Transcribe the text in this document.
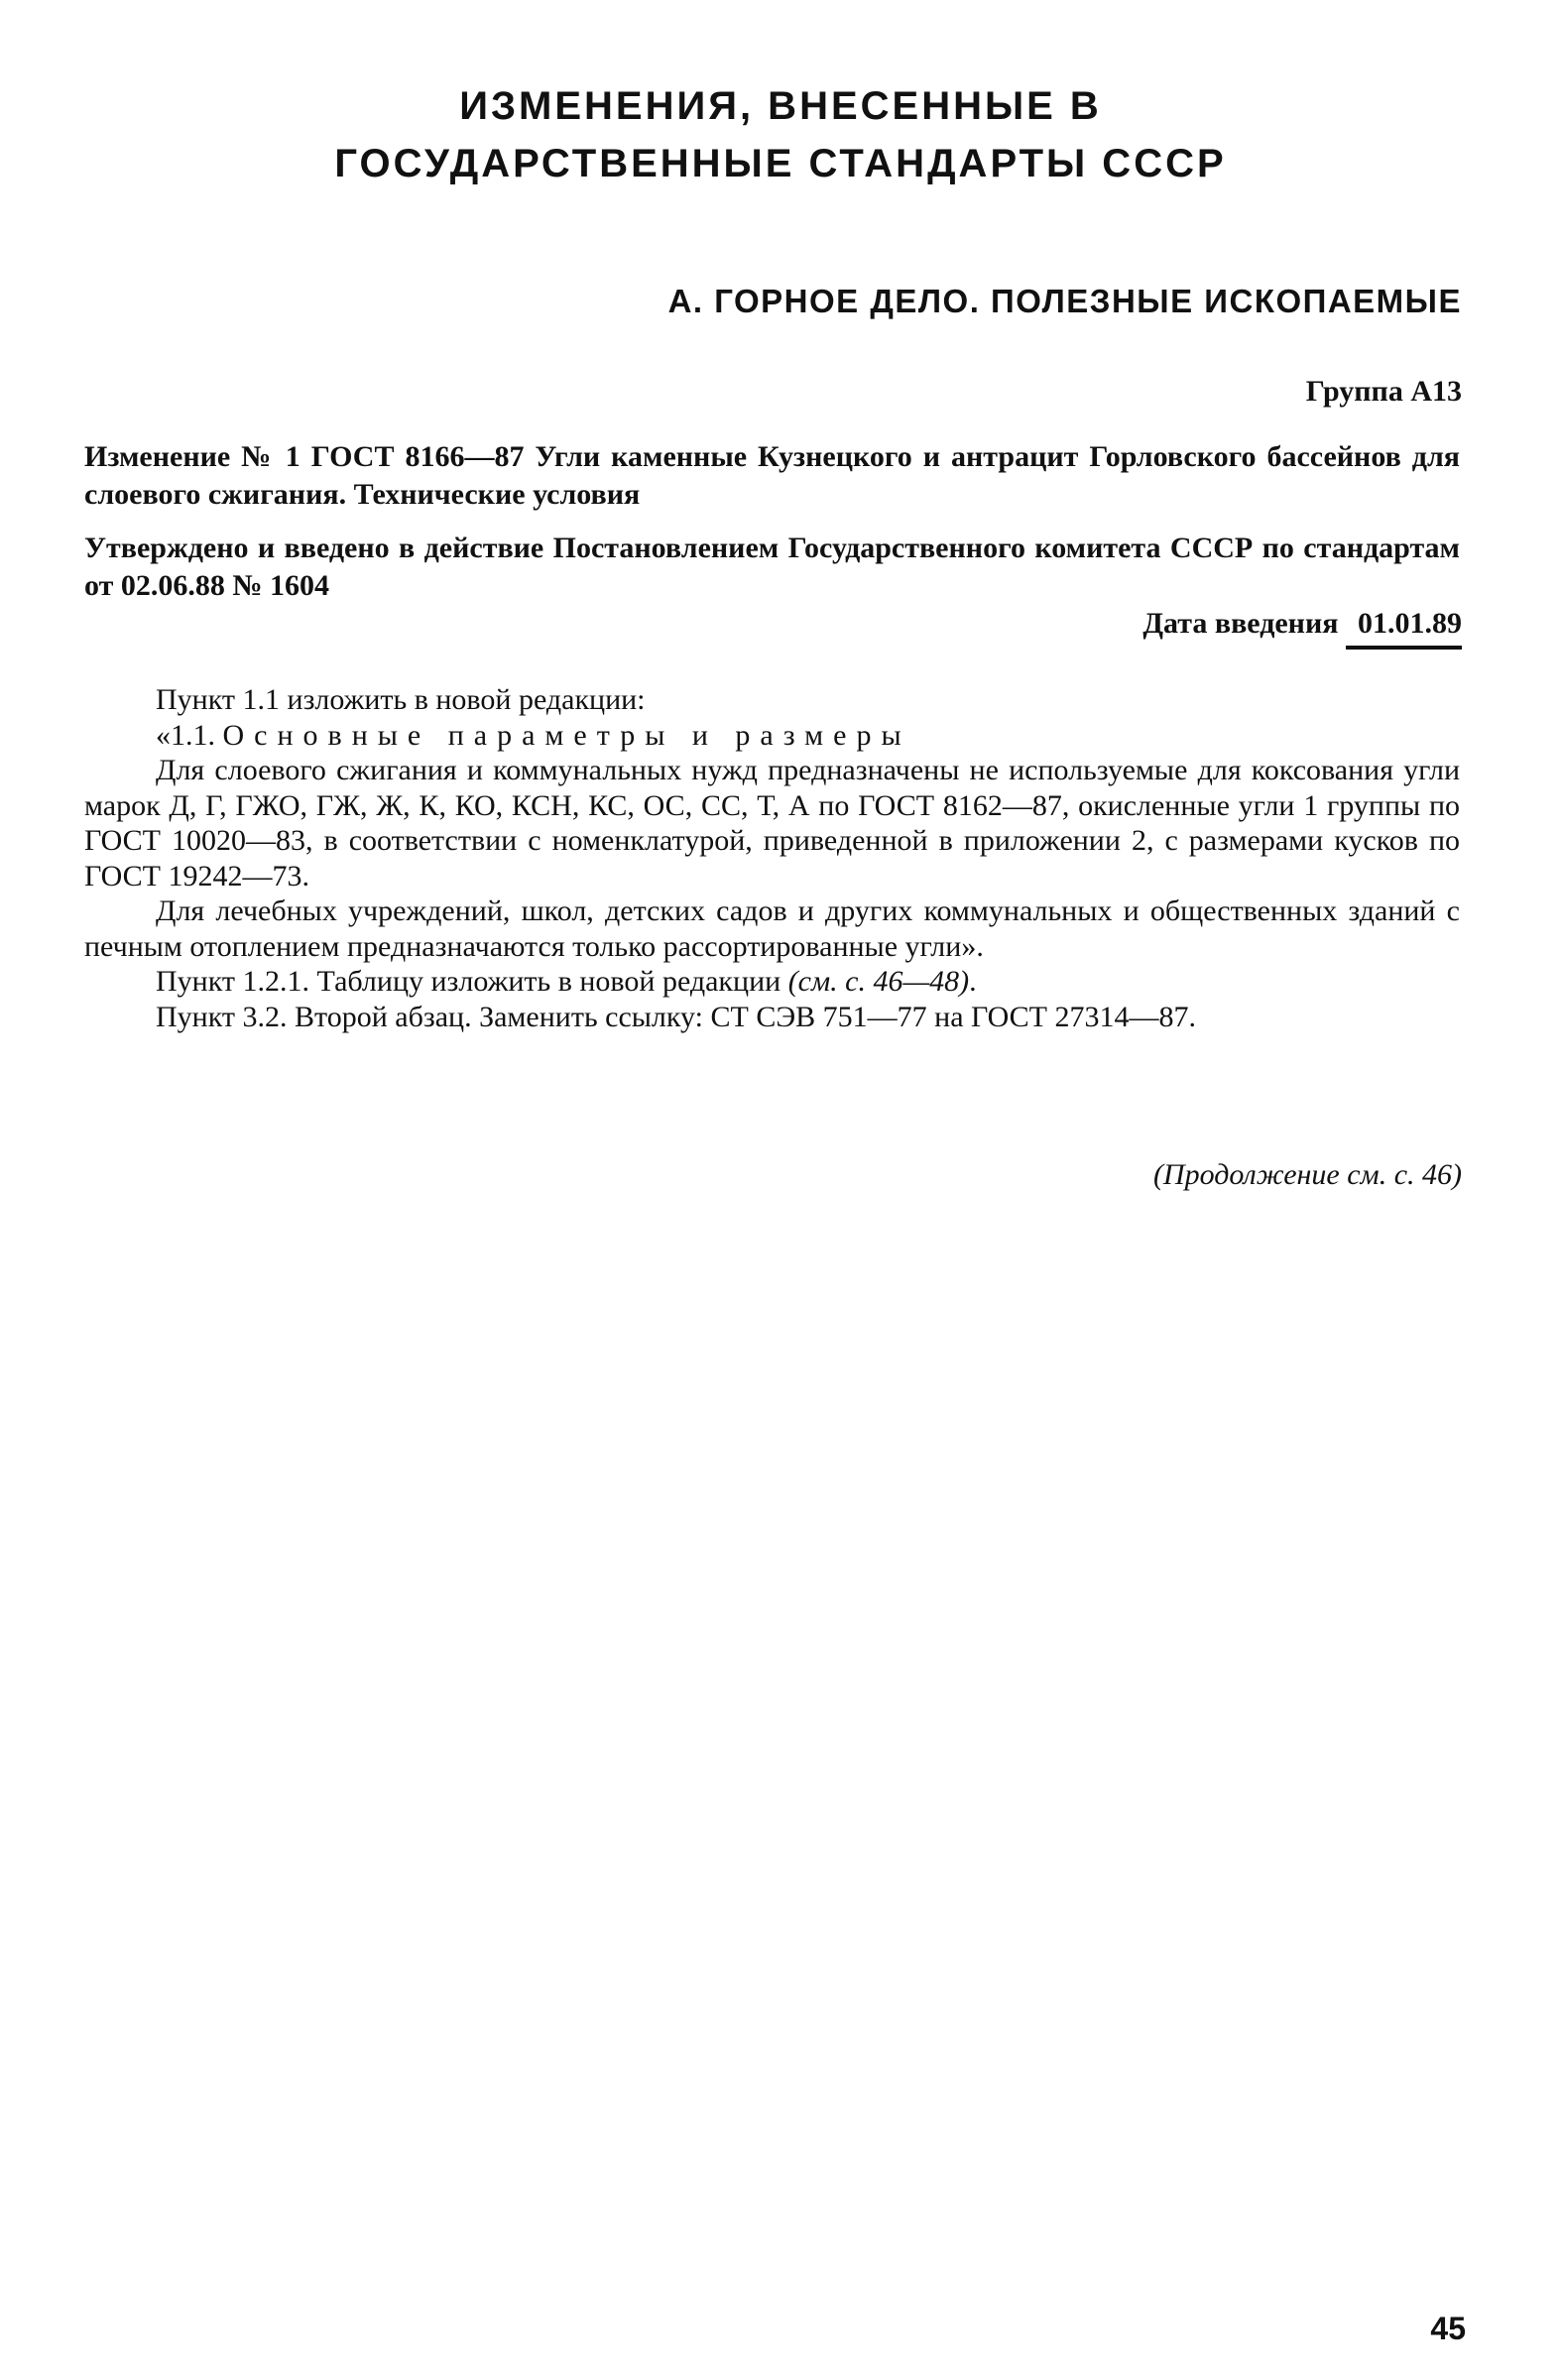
ИЗМЕНЕНИЯ, ВНЕСЕННЫЕ В
ГОСУДАРСТВЕННЫЕ СТАНДАРТЫ СССР
А. ГОРНОЕ ДЕЛО. ПОЛЕЗНЫЕ ИСКОПАЕМЫЕ
Группа А13
Изменение № 1 ГОСТ 8166—87 Угли каменные Кузнецкого и антрацит Горловского бассейнов для слоевого сжигания. Технические условия
Утверждено и введено в действие Постановлением Государственного комитета СССР по стандартам от 02.06.88 № 1604
Дата введения 01.01.89

Пункт 1.1 изложить в новой редакции:

«1.1. Основные параметры и размеры

Для слоевого сжигания и коммунальных нужд предназначены не используемые для коксования угли марок Д, Г, ГЖО, ГЖ, Ж, К, КО, КСН, КС, ОС, СС, Т, А по ГОСТ 8162—87, окисленные угли 1 группы по ГОСТ 10020—83, в соответствии с номенклатурой, приведенной в приложении 2, с размерами кусков по ГОСТ 19242—73.

Для лечебных учреждений, школ, детских садов и других коммунальных и общественных зданий с печным отоплением предназначаются только рассортированные угли».

Пункт 1.2.1. Таблицу изложить в новой редакции (см. с. 46—48).

Пункт 3.2. Второй абзац. Заменить ссылку: СТ СЭВ 751—77 на ГОСТ 27314—87.

(Продолжение см. с. 46)
45
